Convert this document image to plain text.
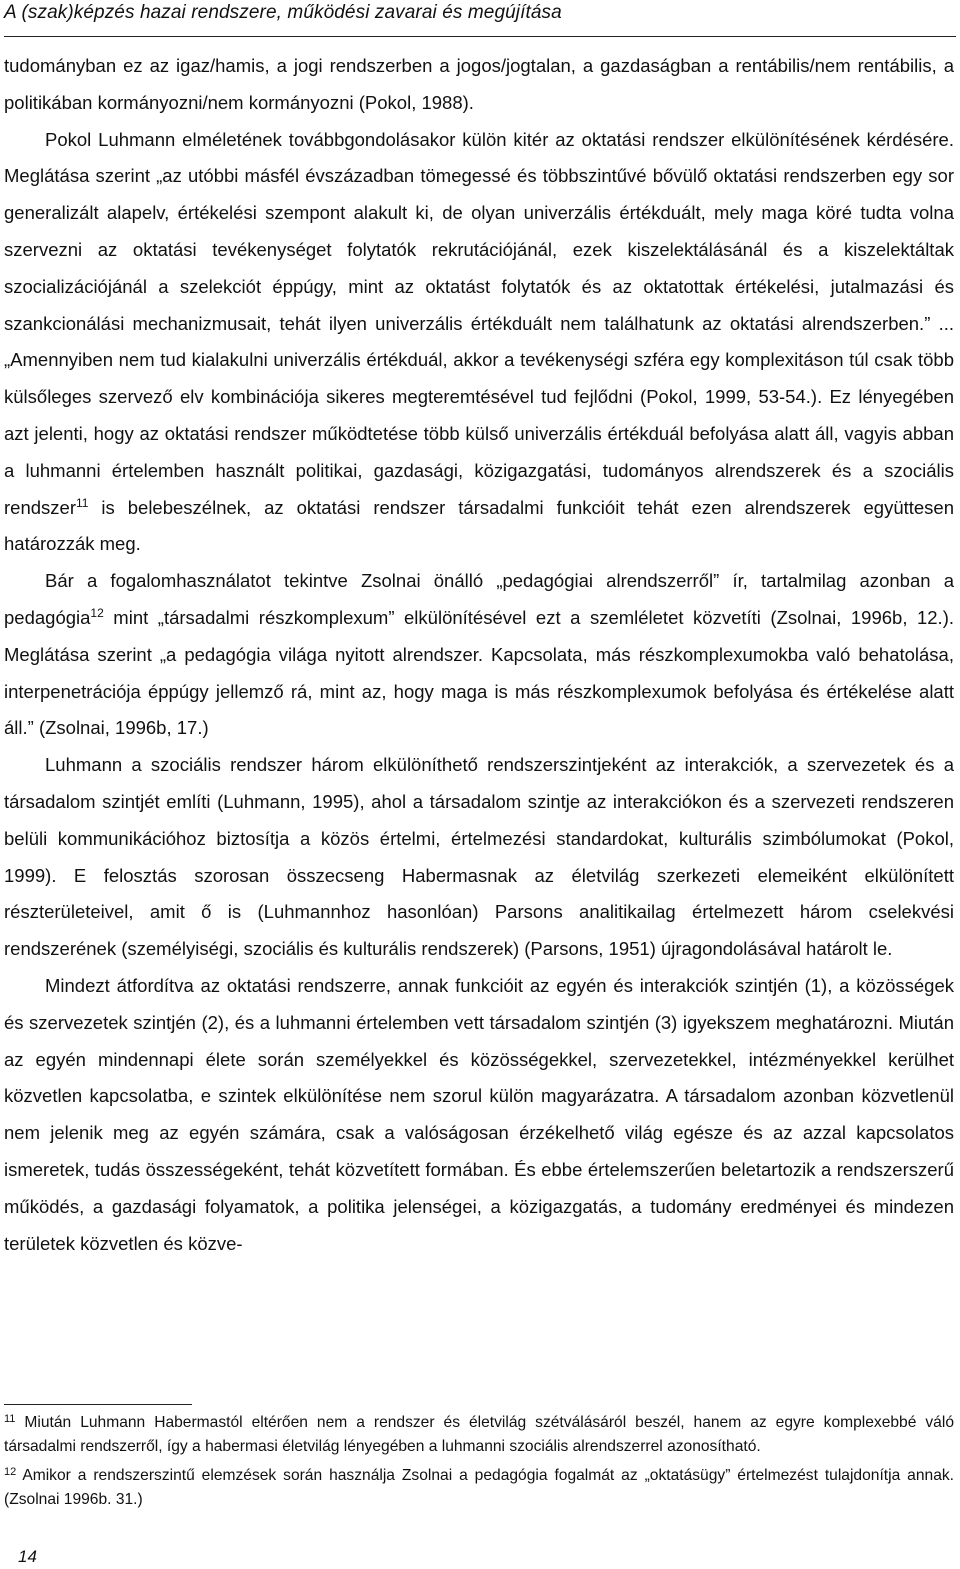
A (szak)képzés hazai rendszere, működési zavarai és megújítása

tudományban ez az igaz/hamis, a jogi rendszerben a jogos/jogtalan, a gazdaságban a rentábilis/nem rentábilis, a politikában kormányozni/nem kormányozni (Pokol, 1988).

Pokol Luhmann elméletének továbbgondolásakor külön kitér az oktatási rendszer elkülönítésének kérdésére. Meglátása szerint „az utóbbi másfél évszázadban tömegessé és többszintűvé bővülő oktatási rendszerben egy sor generalizált alapelv, értékelési szempont alakult ki, de olyan univerzális értékduált, mely maga köré tudta volna szervezni az oktatási tevékenységet folytatók rekrutációjánál, ezek kiszelektálásánál és a kiszelektáltak szocializációjánál a szelekciót éppúgy, mint az oktatást folytatók és az oktatottak értékelési, jutalmazási és szankcionálási mechanizmusait, tehát ilyen univerzális értékduált nem találhatunk az oktatási alrendszerben.” ... „Amennyiben nem tud kialakulni univerzális értékduál, akkor a tevékenységi szféra egy komplexitáson túl csak több külsőleges szervező elv kombinációja sikeres megteremtésével tud fejlődni (Pokol, 1999, 53-54.). Ez lényegében azt jelenti, hogy az oktatási rendszer működtetése több külső univerzális értékduál befolyása alatt áll, vagyis abban a luhmanni értelemben használt politikai, gazdasági, közigazgatási, tudományos alrendszerek és a szociális rendszer$^{11}$ is belebeszélnek, az oktatási rendszer társadalmi funkcióit tehát ezen alrendszerek együttesen határozzák meg.

Bár a fogalomhasználatot tekintve Zsolnai önálló „pedagógiai alrendszerről” ír, tartalmilag azonban a pedagógia$^{12}$ mint „társadalmi részkomplexum” elkülönítésével ezt a szemléletet közvetíti (Zsolnai, 1996b, 12.). Meglátása szerint „a pedagógia világa nyitott alrendszer. Kapcsolata, más részkomplexumokba való behatolása, interpenetrációja éppúgy jellemző rá, mint az, hogy maga is más részkomplexumok befolyása és értékelése alatt áll.” (Zsolnai, 1996b, 17.)

Luhmann a szociális rendszer három elkülöníthető rendszerszintjeként az interakciók, a szervezetek és a társadalom szintjét említi (Luhmann, 1995), ahol a társadalom szintje az interakciókon és a szervezeti rendszeren belüli kommunikációhoz biztosítja a közös értelmi, értelmezési standardokat, kulturális szimbólumokat (Pokol, 1999). E felosztás szorosan összecseng Habermasnak az életvilág szerkezeti elemeiként elkülönített részterületeivel, amit ő is (Luhmannhoz hasonlóan) Parsons analitikailag értelmezett három cselekvési rendszerének (személyiségi, szociális és kulturális rendszerek) (Parsons, 1951) újragondolásával határolt le.

Mindezt átfordítva az oktatási rendszerre, annak funkcióit az egyén és interakciók szintjén (1), a közösségek és szervezetek szintjén (2), és a luhmanni értelemben vett társadalom szintjén (3) igyekszem meghatározni. Miután az egyén mindennapi élete során személyekkel és közösségekkel, szervezetekkel, intézményekkel kerülhet közvetlen kapcsolatba, e szintek elkülönítése nem szorul külön magyarázatra. A társadalom azonban közvetlenül nem jelenik meg az egyén számára, csak a valóságosan érzékelhető világ egésze és az azzal kapcsolatos ismeretek, tudás összességeként, tehát közvetített formában. És ebbe értelemszerűen beletartozik a rendszerszerű működés, a gazdasági folyamatok, a politika jelenségei, a közigazgatás, a tudomány eredményei és mindezen területek közvetlen és közve-

$^{11}$ Miután Luhmann Habermastól eltérően nem a rendszer és életvilág szétválásáról beszél, hanem az egyre komplexebbé váló társadalmi rendszerről, így a habermasi életvilág lényegében a luhmanni szociális alrendszerrel azonosítható.

$^{12}$ Amikor a rendszerszintű elemzések során használja Zsolnai a pedagógia fogalmát az „oktatásügy” értelmezést tulajdonítja annak. (Zsolnai 1996b. 31.)

14
